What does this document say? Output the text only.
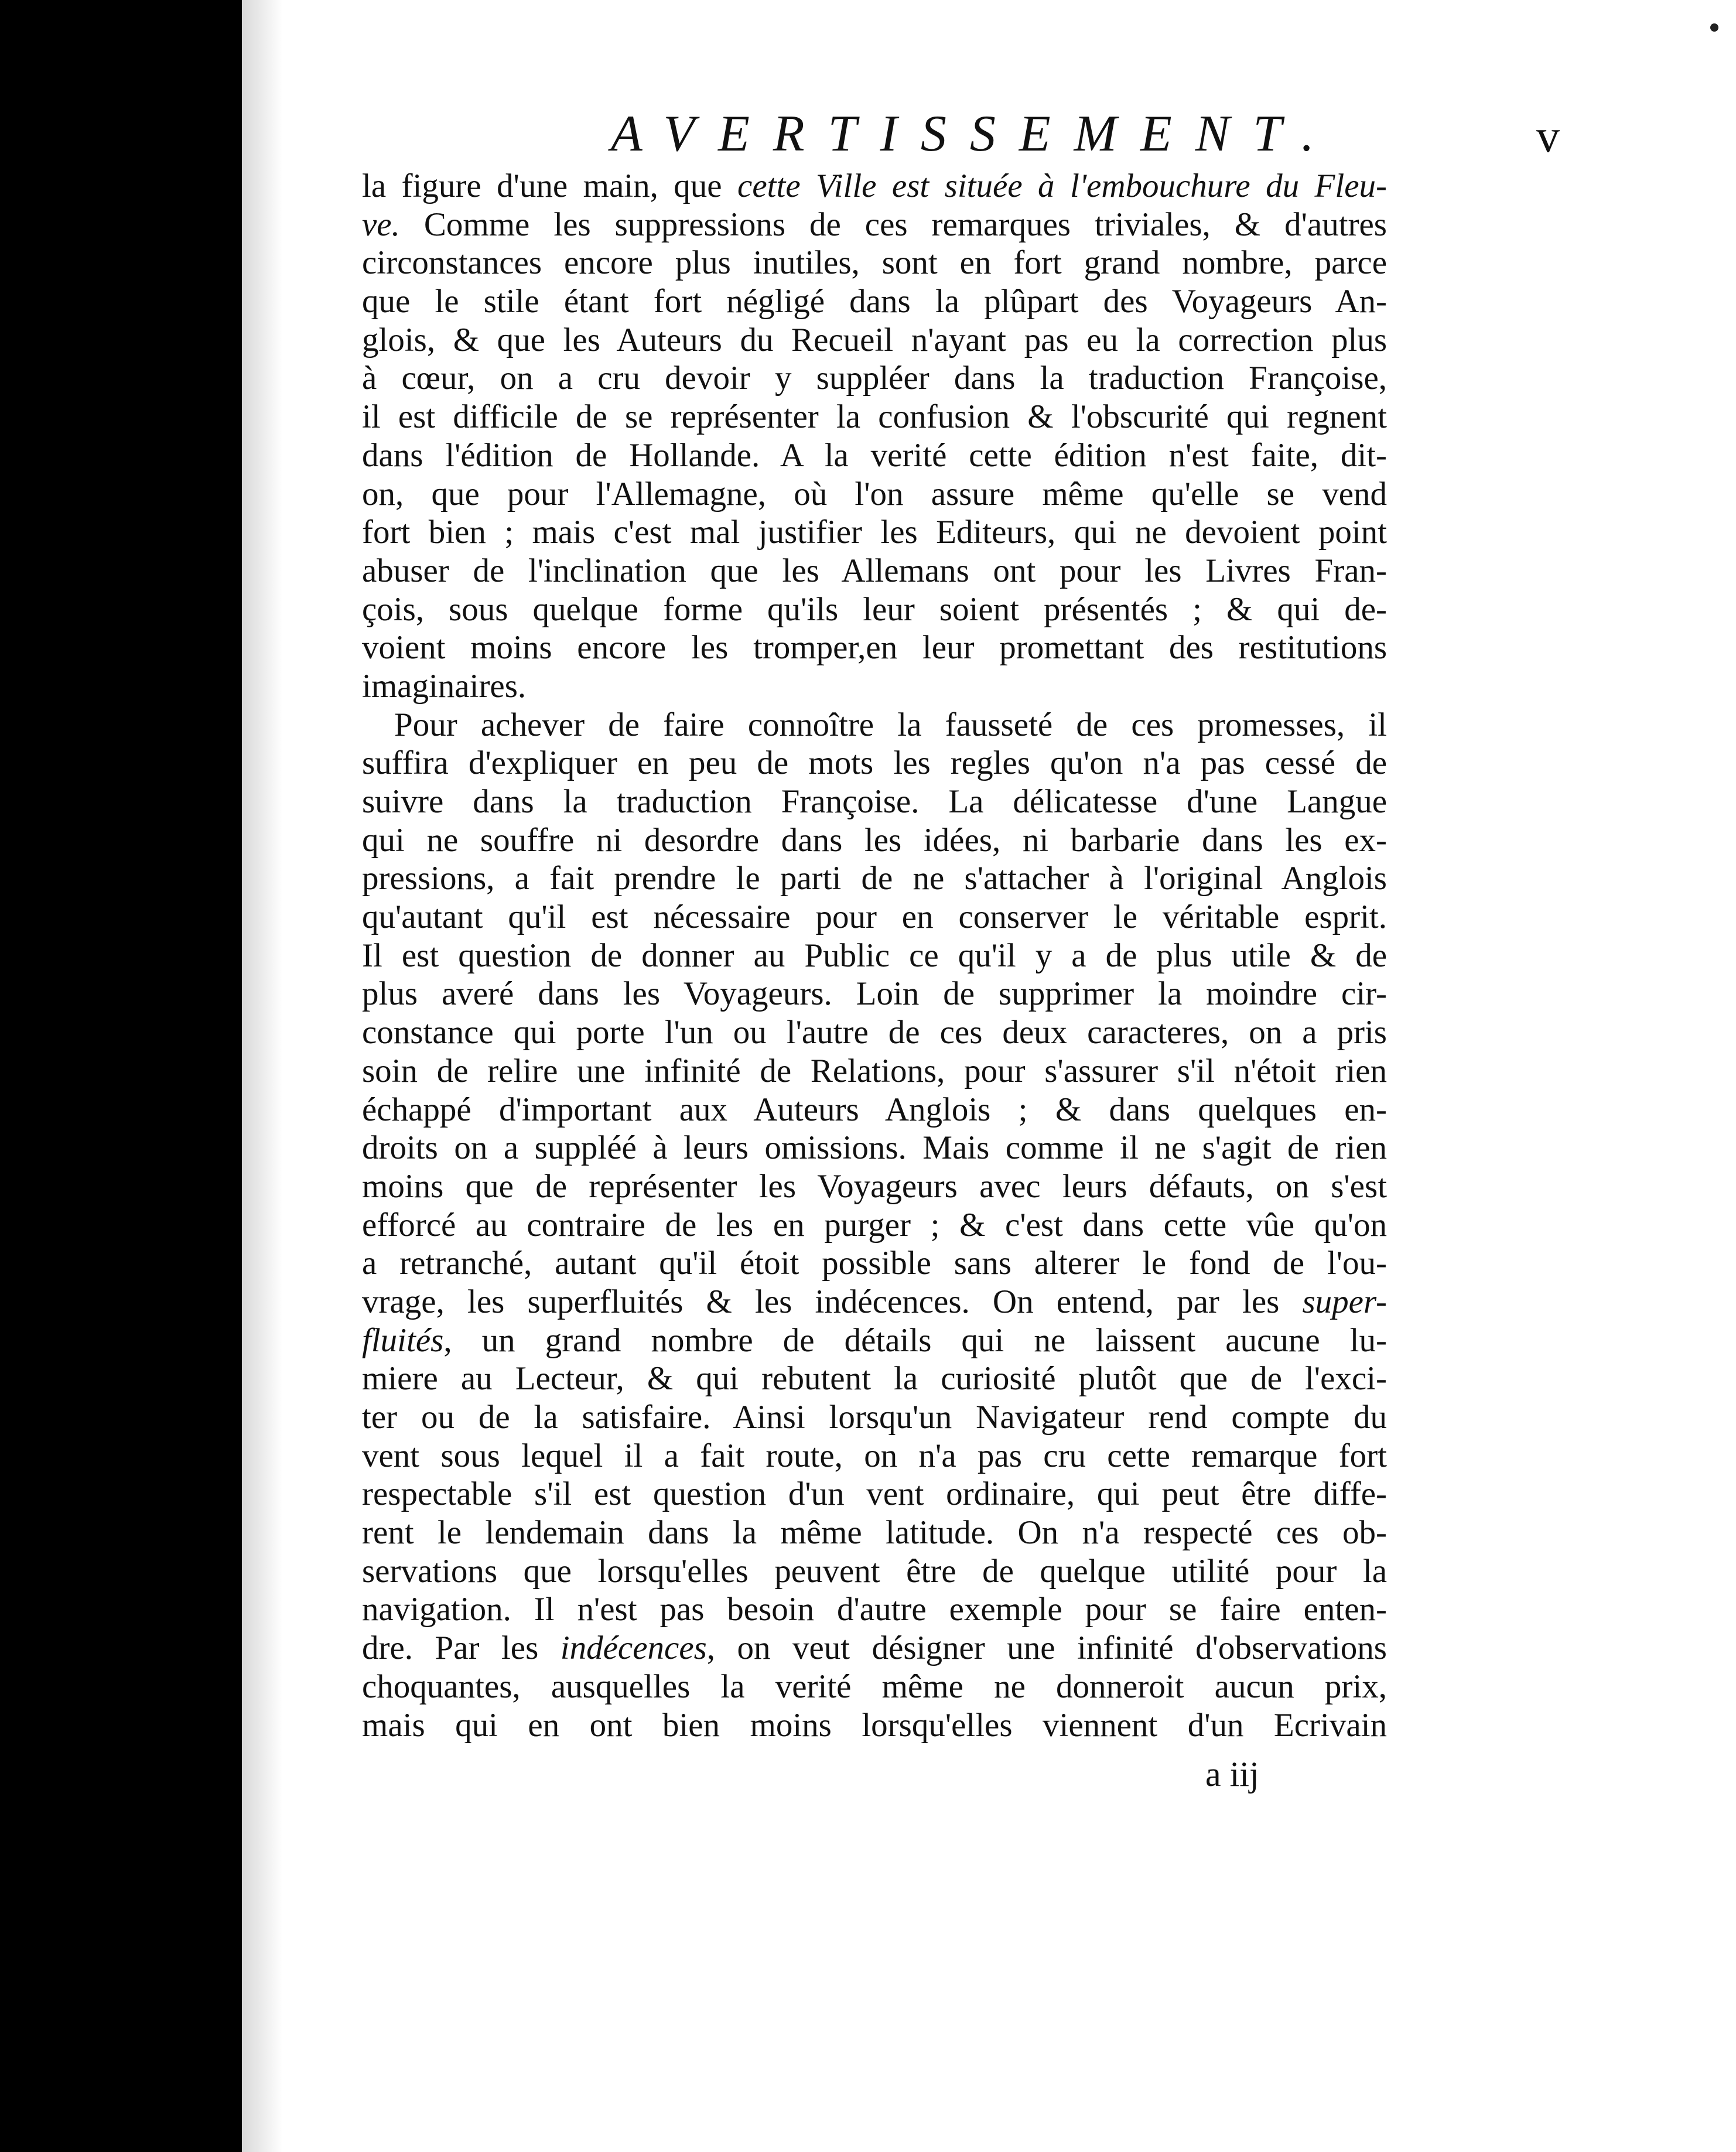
AVERTISSEMENT.	v
la figure d'une main, que cette Ville est située à l'embouchure du Fleu-
ve. Comme les suppressions de ces remarques triviales, & d'autres
circonstances encore plus inutiles, sont en fort grand nombre, parce
que le stile étant fort négligé dans la plûpart des Voyageurs An-
glois, & que les Auteurs du Recueil n'ayant pas eu la correction plus
à cœur, on a cru devoir y suppléer dans la traduction Françoise,
il est difficile de se représenter la confusion & l'obscurité qui regnent
dans l'édition de Hollande. A la verité cette édition n'est faite, dit-
on, que pour l'Allemagne, où l'on assure même qu'elle se vend
fort bien ; mais c'est mal justifier les Editeurs, qui ne devoient point
abuser de l'inclination que les Allemans ont pour les Livres Fran-
çois, sous quelque forme qu'ils leur soient présentés ; & qui de-
voient moins encore les tromper,en leur promettant des restitutions
imaginaires.
Pour achever de faire connoître la fausseté de ces promesses, il
suffira d'expliquer en peu de mots les regles qu'on n'a pas cessé de
suivre dans la traduction Françoise. La délicatesse d'une Langue
qui ne souffre ni desordre dans les idées, ni barbarie dans les ex-
pressions, a fait prendre le parti de ne s'attacher à l'original Anglois
qu'autant qu'il est nécessaire pour en conserver le véritable esprit.
Il est question de donner au Public ce qu'il y a de plus utile & de
plus averé dans les Voyageurs. Loin de supprimer la moindre cir-
constance qui porte l'un ou l'autre de ces deux caracteres, on a pris
soin de relire une infinité de Relations, pour s'assurer s'il n'étoit rien
échappé d'important aux Auteurs Anglois ; & dans quelques en-
droits on a suppléé à leurs omissions. Mais comme il ne s'agit de rien
moins que de représenter les Voyageurs avec leurs défauts, on s'est
efforcé au contraire de les en purger ; & c'est dans cette vûe qu'on
a retranché, autant qu'il étoit possible sans alterer le fond de l'ou-
vrage, les superfluités & les indécences. On entend, par les super-
fluités, un grand nombre de détails qui ne laissent aucune lu-
miere au Lecteur, & qui rebutent la curiosité plutôt que de l'exci-
ter ou de la satisfaire. Ainsi lorsqu'un Navigateur rend compte du
vent sous lequel il a fait route, on n'a pas cru cette remarque fort
respectable s'il est question d'un vent ordinaire, qui peut être diffe-
rent le lendemain dans la même latitude. On n'a respecté ces ob-
servations que lorsqu'elles peuvent être de quelque utilité pour la
navigation. Il n'est pas besoin d'autre exemple pour se faire enten-
dre. Par les indécences, on veut désigner une infinité d'observations
choquantes, ausquelles la verité même ne donneroit aucun prix,
mais qui en ont bien moins lorsqu'elles viennent d'un Ecrivain
a iij
